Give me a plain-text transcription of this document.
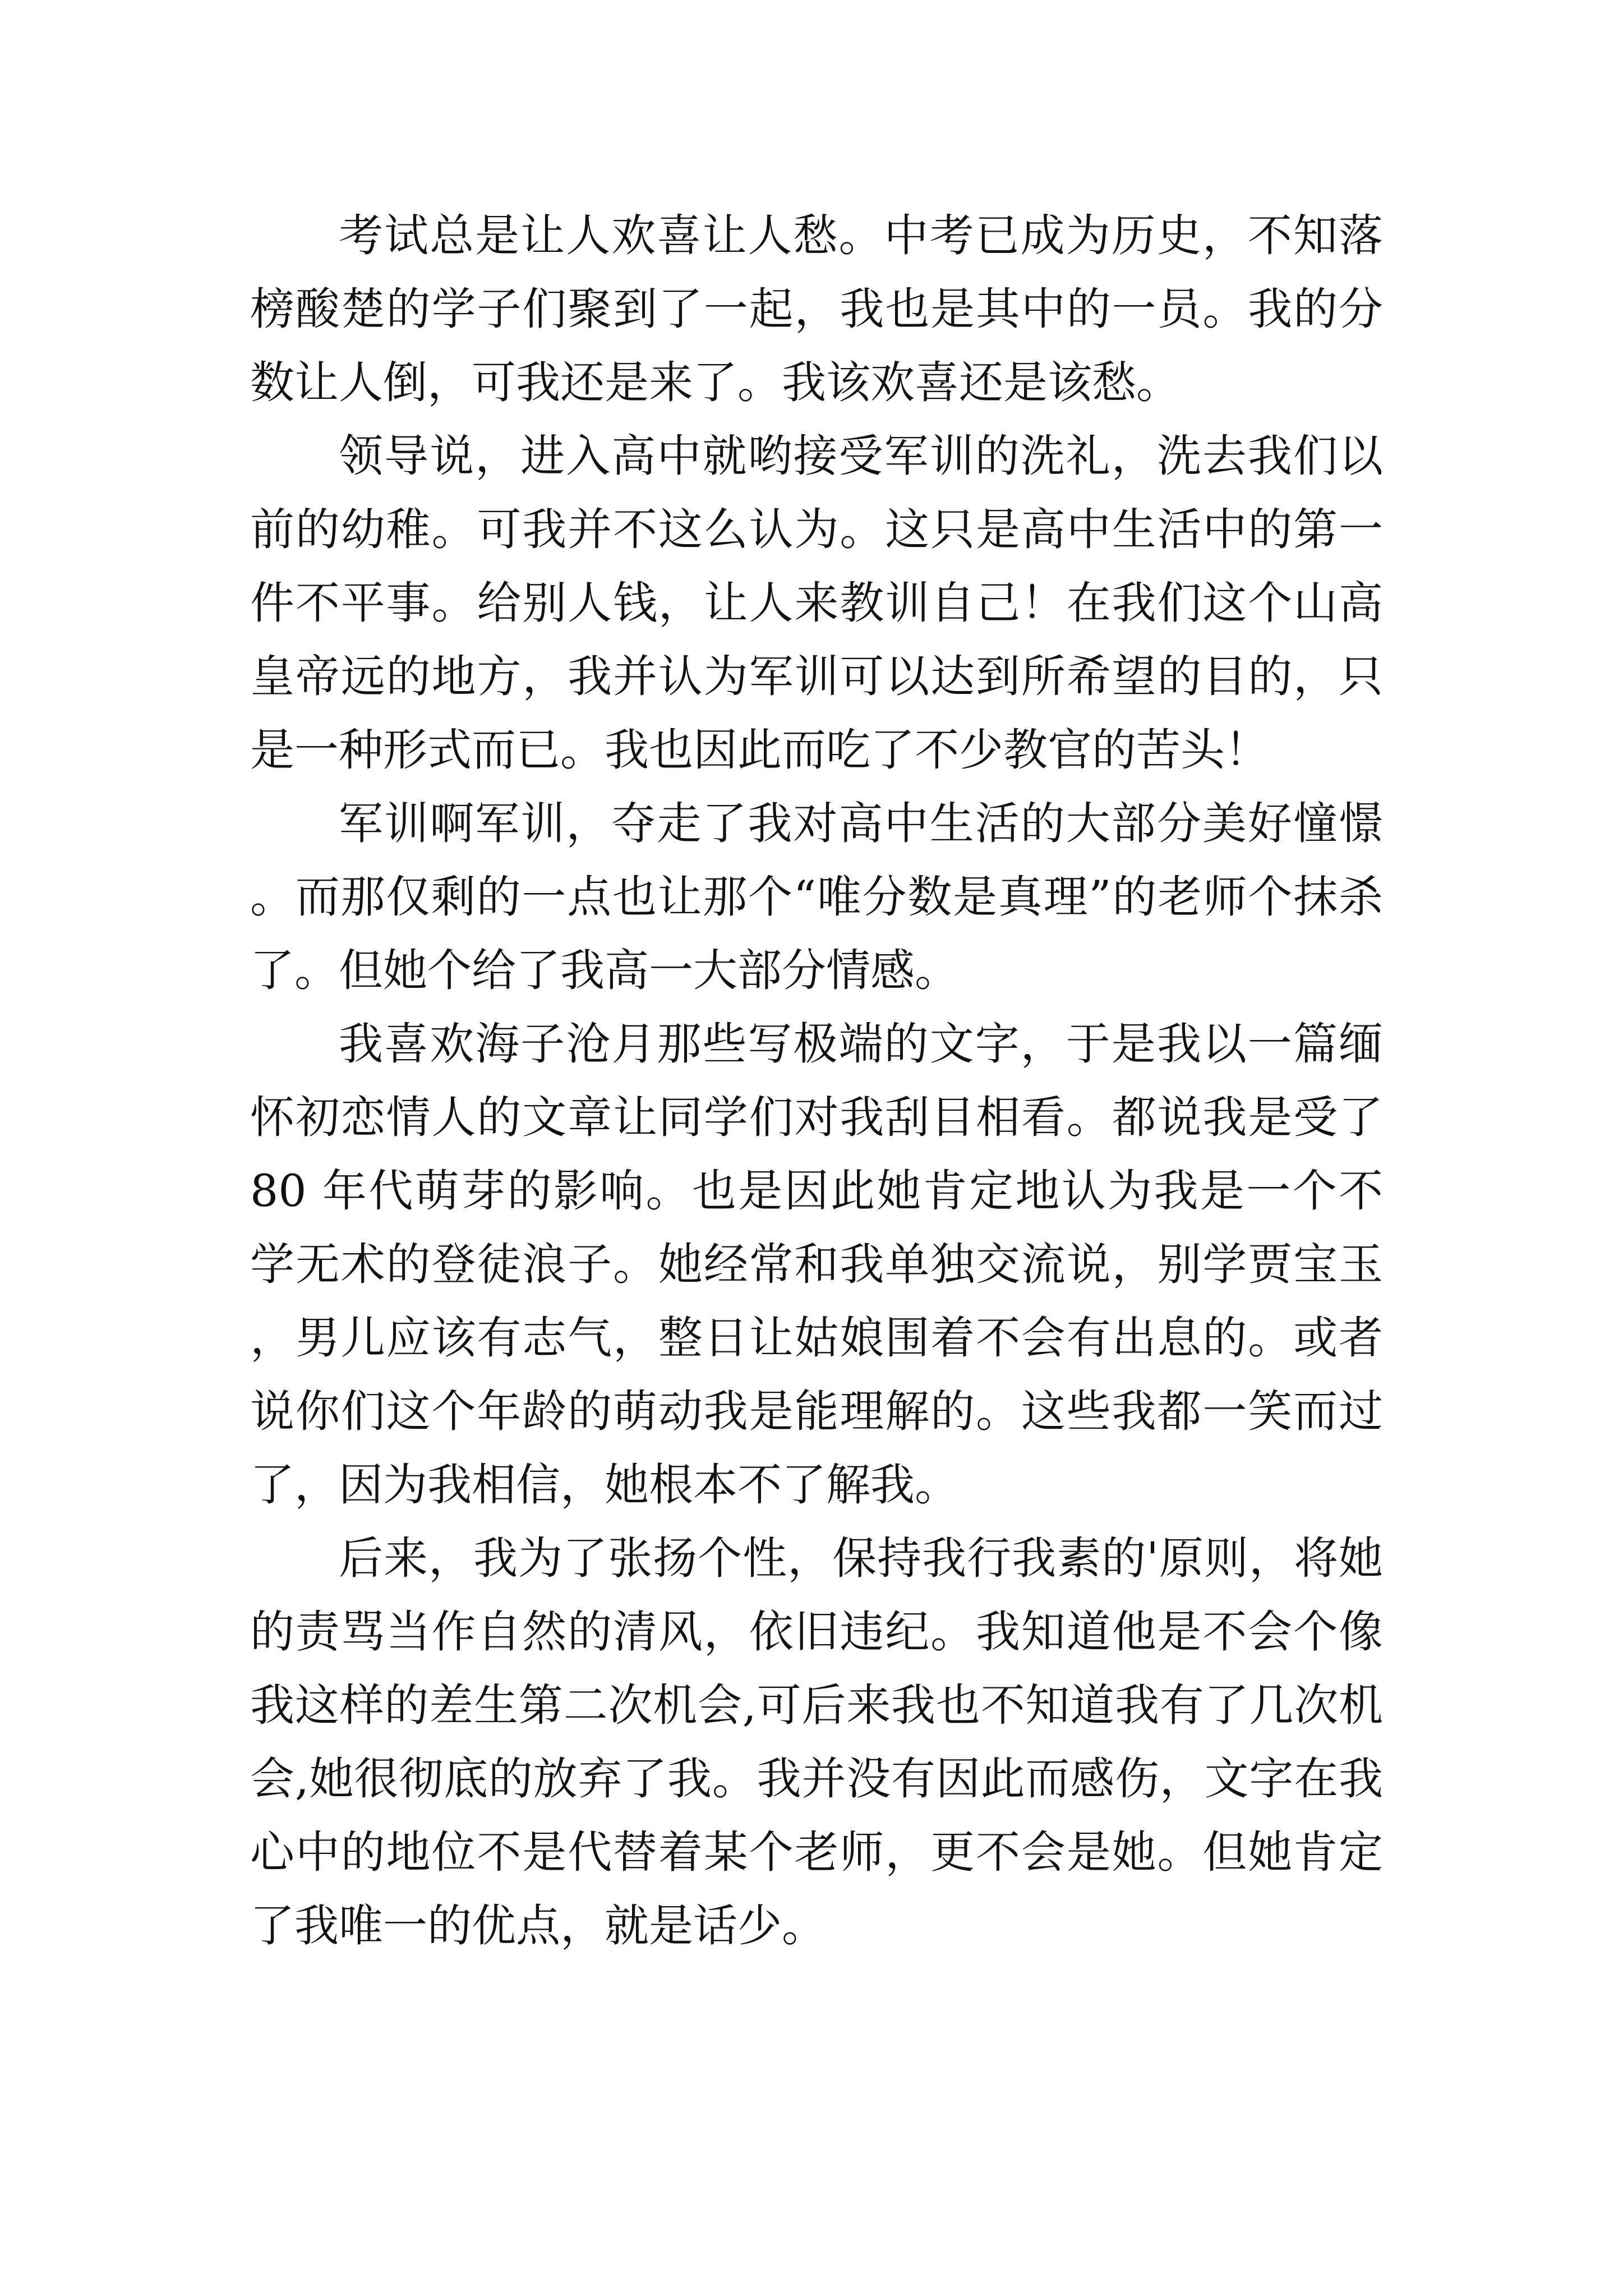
考试总是让人欢喜让人愁。中考已成为历史，不知落榜酸楚的学子们聚到了一起，我也是其中的一员。我的分数让人倒，可我还是来了。我该欢喜还是该愁。

领导说，进入高中就哟接受军训的洗礼，洗去我们以前的幼稚。可我并不这么认为。这只是高中生活中的第一件不平事。给别人钱，让人来教训自己！在我们这个山高皇帝远的地方，我并认为军训可以达到所希望的目的，只是一种形式而已。我也因此而吃了不少教官的苦头！

军训啊军训，夺走了我对高中生活的大部分美好憧憬。而那仅剩的一点也让那个“唯分数是真理”的老师个抹杀了。但她个给了我高一大部分情感。

我喜欢海子沧月那些写极端的文字，于是我以一篇缅怀初恋情人的文章让同学们对我刮目相看。都说我是受了 80 年代萌芽的影响。也是因此她肯定地认为我是一个不学无术的登徒浪子。她经常和我单独交流说，别学贾宝玉，男儿应该有志气，整日让姑娘围着不会有出息的。或者说你们这个年龄的萌动我是能理解的。这些我都一笑而过了，因为我相信，她根本不了解我。

后来，我为了张扬个性，保持我行我素的'原则，将她的责骂当作自然的清风，依旧违纪。我知道他是不会个像我这样的差生第二次机会,可后来我也不知道我有了几次机会,她很彻底的放弃了我。我并没有因此而感伤，文字在我心中的地位不是代替着某个老师，更不会是她。但她肯定了我唯一的优点，就是话少。
